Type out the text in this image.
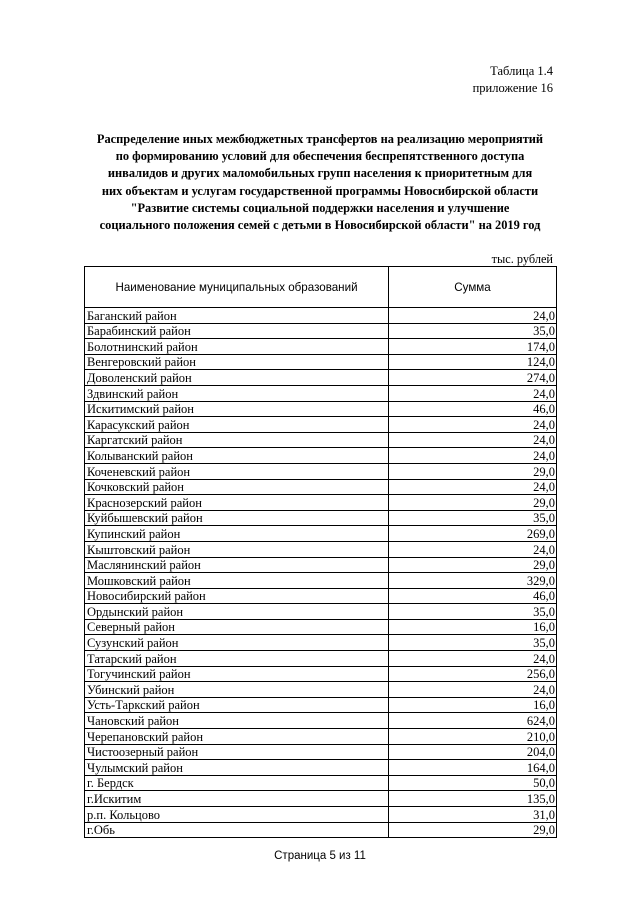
Таблица 1.4
приложение 16
Распределение иных межбюджетных трансфертов на реализацию мероприятий
по формированию условий для обеспечения беспрепятственного доступа
инвалидов и других маломобильных групп населения к приоритетным для
них объектам и услугам государственной программы Новосибирской области
"Развитие системы социальной поддержки населения и улучшение
социального положения семей с детьми в Новосибирской области" на 2019 год
тыс. рублей
Наименование муниципальных образований	Сумма
Баганский район	24,0
Барабинский район	35,0
Болотнинский район	174,0
Венгеровский район	124,0
Доволенский район	274,0
Здвинский район	24,0
Искитимский район	46,0
Карасукский район	24,0
Каргатский район	24,0
Колыванский район	24,0
Коченевский район	29,0
Кочковский район	24,0
Краснозерский район	29,0
Куйбышевский район	35,0
Купинский район	269,0
Кыштовский район	24,0
Маслянинский район	29,0
Мошковский район	329,0
Новосибирский район	46,0
Ордынский район	35,0
Северный район	16,0
Сузунский район	35,0
Татарский район	24,0
Тогучинский район	256,0
Убинский район	24,0
Усть-Таркский район	16,0
Чановский район	624,0
Черепановский район	210,0
Чистоозерный район	204,0
Чулымский район	164,0
г. Бердск	50,0
г.Искитим	135,0
р.п. Кольцово	31,0
г.Обь	29,0
Страница 5 из 11
